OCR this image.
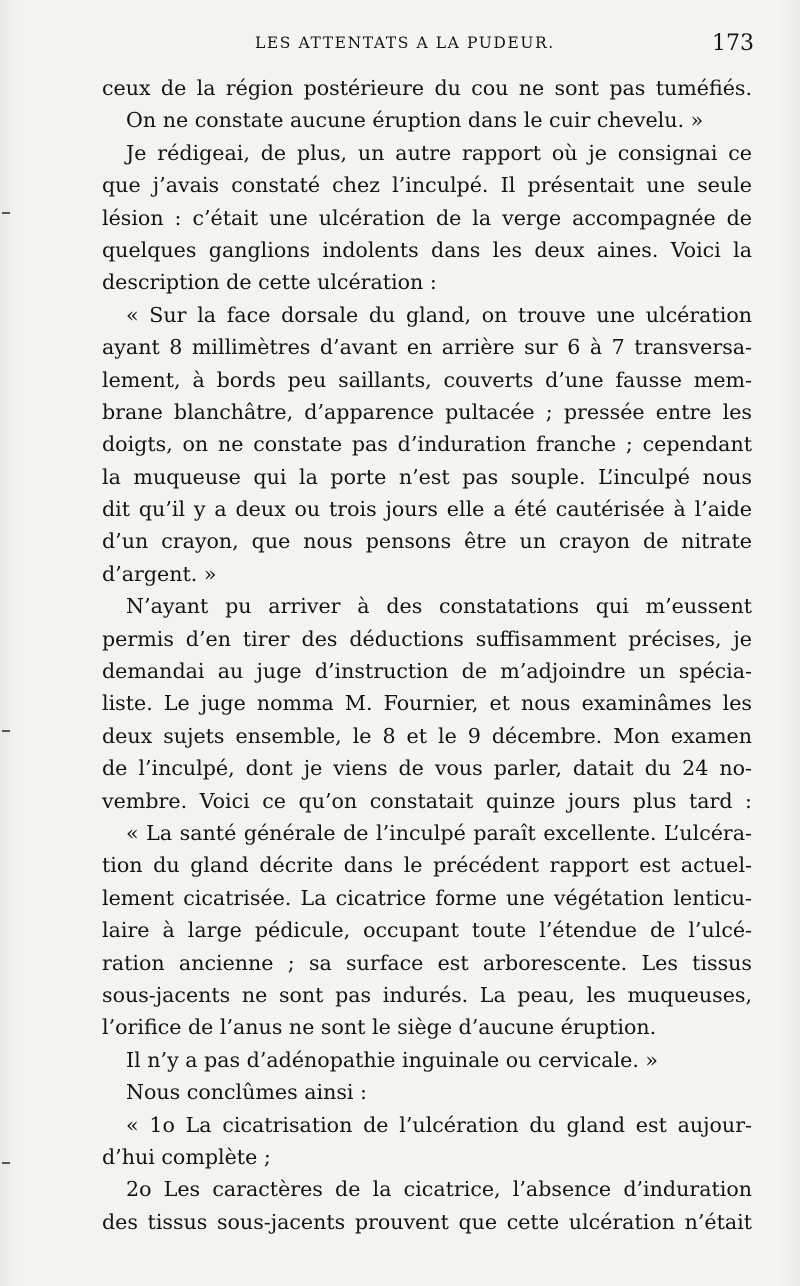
LES ATTENTATS A LA PUDEUR.	173
ceux de la région postérieure du cou ne sont pas tuméfiés.
On ne constate aucune éruption dans le cuir chevelu. »
Je rédigeai, de plus, un autre rapport où je consignai ce
que j’avais constaté chez l’inculpé. Il présentait une seule
lésion : c’était une ulcération de la verge accompagnée de
quelques ganglions indolents dans les deux aines. Voici la
description de cette ulcération :
« Sur la face dorsale du gland, on trouve une ulcération
ayant 8 millimètres d’avant en arrière sur 6 à 7 transversa-
lement, à bords peu saillants, couverts d’une fausse mem-
brane blanchâtre, d’apparence pultacée ; pressée entre les
doigts, on ne constate pas d’induration franche ; cependant
la muqueuse qui la porte n’est pas souple. L’inculpé nous
dit qu’il y a deux ou trois jours elle a été cautérisée à l’aide
d’un crayon, que nous pensons être un crayon de nitrate
d’argent. »
N’ayant pu arriver à des constatations qui m’eussent
permis d’en tirer des déductions suffisamment précises, je
demandai au juge d’instruction de m’adjoindre un spécia-
liste. Le juge nomma M. Fournier, et nous examinâmes les
deux sujets ensemble, le 8 et le 9 décembre. Mon examen
de l’inculpé, dont je viens de vous parler, datait du 24 no-
vembre. Voici ce qu’on constatait quinze jours plus tard :
« La santé générale de l’inculpé paraît excellente. L’ulcéra-
tion du gland décrite dans le précédent rapport est actuel-
lement cicatrisée. La cicatrice forme une végétation lenticu-
laire à large pédicule, occupant toute l’étendue de l’ulcé-
ration ancienne ; sa surface est arborescente. Les tissus
sous-jacents ne sont pas indurés. La peau, les muqueuses,
l’orifice de l’anus ne sont le siège d’aucune éruption.
Il n’y a pas d’adénopathie inguinale ou cervicale. »
Nous conclûmes ainsi :
« 1o La cicatrisation de l’ulcération du gland est aujour-
d’hui complète ;
2o Les caractères de la cicatrice, l’absence d’induration
des tissus sous-jacents prouvent que cette ulcération n’était
